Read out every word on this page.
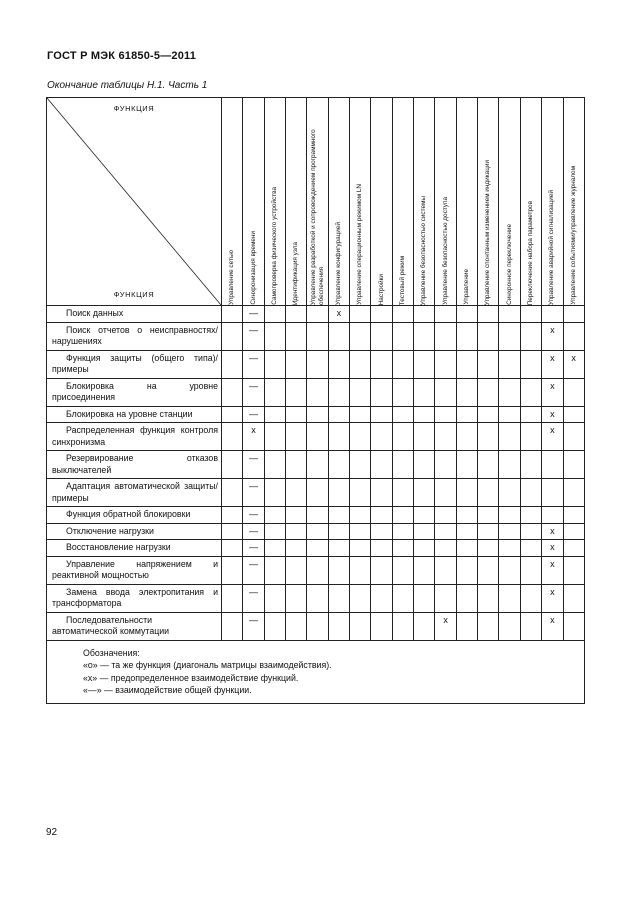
ГОСТ Р МЭК 61850-5—2011
Окончание таблицы Н.1. Часть 1
ФУНКЦИЯ
ФУНКЦИЯ	Управление сетью	Синхронизация времени	Самопроверка физического устройства	Идентификация узла	Управление разработкой и сопровождением программного обеспечения	Управление конфигурацией	Управление операционным режимом LN	Настройки	Тестовый режим	Управление безопасностью системы	Управление безопасностью доступа	Управление	Управление спонтанным изменением индикации	Синхронное переключение	Переключение набора параметров	Управление аварийной сигнализацией	Управление событиями/управление журналом

Поиск данных		—				х											

Поиск отчетов о неисправностях/нарушениях		—														х	

Функция защиты (общего типа)/примеры		—														х	х

Блокировка на уровне присоединения		—														х	

Блокировка на уровне станции		—														х	

Распределенная функция контроля синхронизма		х														х	

Резервирование отказов выключателей		—															

Адаптация автоматической защиты/примеры		—															

Функция обратной блокировки		—															

Отключение нагрузки		—														х	

Восстановление нагрузки		—														х	

Управление напряжением и реактивной мощностью		—														х	

Замена ввода электропитания и трансформатора		—														х	

Последовательности автоматической коммутации		—									х					х	

Обозначения:
«о» — та же функция (диагональ матрицы взаимодействия).
«х» — предопределенное взаимодействие функций.
«—» — взаимодействие общей функции.																	
92
